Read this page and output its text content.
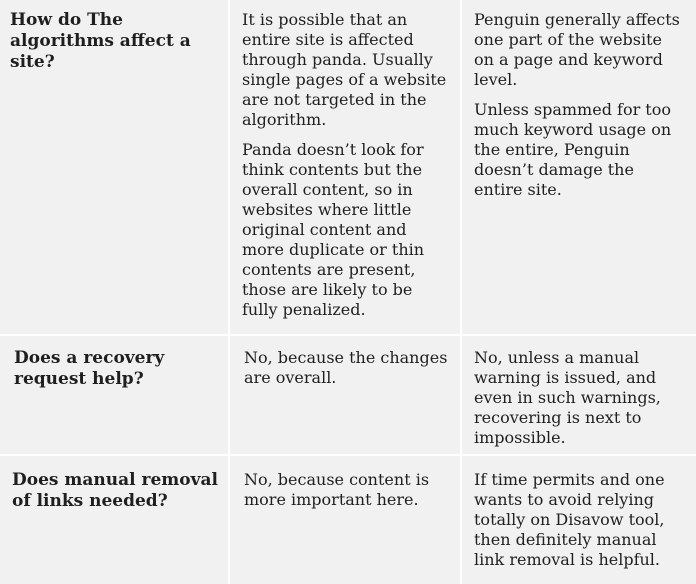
How do The algorithms affect a site?

It is possible that an entire site is affected through panda. Usually single pages of a website are not targeted in the algorithm.

Panda doesn’t look for think contents but the overall content, so in websites where little original content and more duplicate or thin contents are present, those are likely to be fully penalized.

Penguin generally affects one part of the website on a page and keyword level.

Unless spammed for too much keyword usage on the entire, Penguin doesn’t damage the entire site.

Does a recovery request help?

No, because the changes are overall.

No, unless a manual warning is issued, and even in such warnings, recovering is next to impossible.

Does manual removal of links needed?

No, because content is more important here.

If time permits and one wants to avoid relying totally on Disavow tool, then definitely manual link removal is helpful.
